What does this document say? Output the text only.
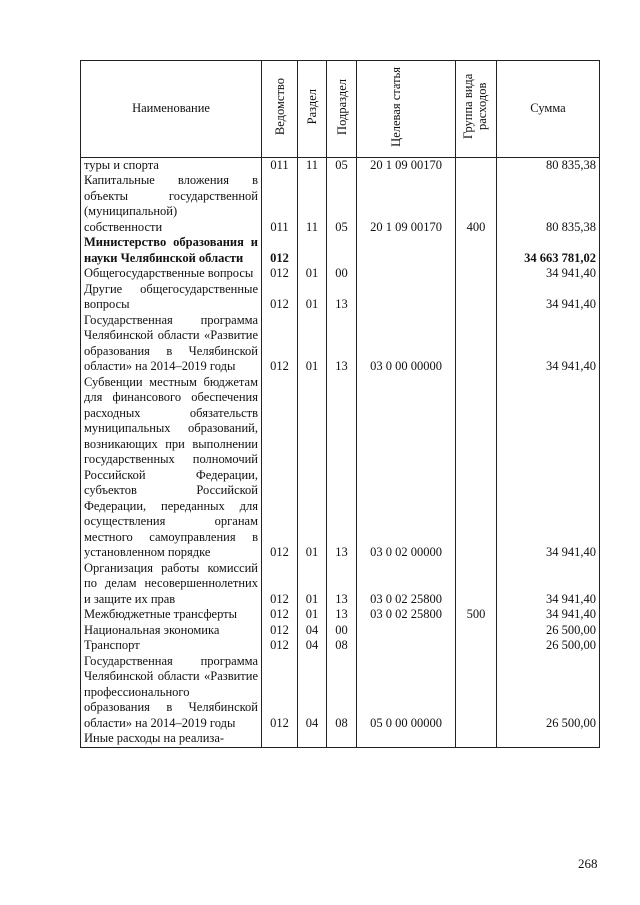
Наименование	Ведомство	Раздел	Подраздел	Целевая статья	Группа вида расходов	Сумма
туры и спорта	011	11	05	20 1 09 00170		80 835,38
Капитальные вложения в объекты государственной (муниципальной) собственности	011	11	05	20 1 09 00170	400	80 835,38
Министерство образования и науки Челябинской области	012					34 663 781,02
Общегосударственные вопросы	012	01	00			34 941,40
Другие общегосударственные вопросы	012	01	13			34 941,40
Государственная программа Челябинской области «Развитие образования в Челябинской области» на 2014–2019 годы	012	01	13	03 0 00 00000		34 941,40
Субвенции местным бюджетам для финансового обеспечения расходных обязательств муниципальных образований, возникающих при выполнении государственных полномочий Российской Федерации, субъектов Российской Федерации, переданных для осуществления органам местного самоуправления в установленном порядке	012	01	13	03 0 02 00000		34 941,40
Организация работы комиссий по делам несовершеннолетних и защите их прав	012	01	13	03 0 02 25800		34 941,40
Межбюджетные трансферты	012	01	13	03 0 02 25800	500	34 941,40
Национальная экономика	012	04	00			26 500,00
Транспорт	012	04	08			26 500,00
Государственная программа Челябинской области «Развитие профессионального образования в Челябинской области» на 2014–2019 годы	012	04	08	05 0 00 00000		26 500,00
Иные расходы на реализа-						
268
